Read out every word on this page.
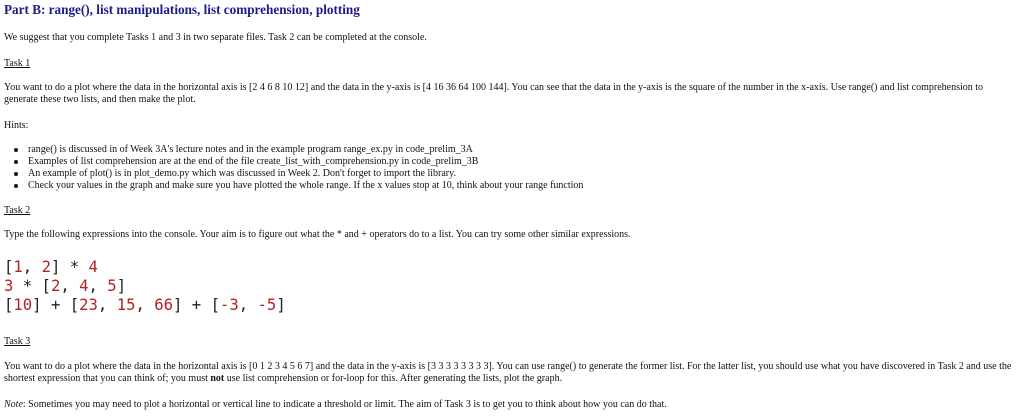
Part B: range(), list manipulations, list comprehension, plotting

We suggest that you complete Tasks 1 and 3 in two separate files. Task 2 can be completed at the console.

Task 1

You want to do a plot where the data in the horizontal axis is [2 4 6 8 10 12] and the data in the y-axis is [4 16 36 64 100 144]. You can see that the data in the y-axis is the square of the number in the x-axis. Use range() and list comprehension to generate these two lists, and then make the plot.

Hints:

range() is discussed in of Week 3A's lecture notes and in the example program range_ex.py in code_prelim_3A
Examples of list comprehension are at the end of the file create_list_with_comprehension.py in code_prelim_3B
An example of plot() is in plot_demo.py which was discussed in Week 2. Don't forget to import the library.
Check your values in the graph and make sure you have plotted the whole range. If the x values stop at 10, think about your range function

Task 2

Type the following expressions into the console. Your aim is to figure out what the * and + operators do to a list. You can try some other similar expressions.

[1, 2] * 4
3 * [2, 4, 5]
[10] + [23, 15, 66] + [-3, -5]

Task 3

You want to do a plot where the data in the horizontal axis is [0 1 2 3 4 5 6 7] and the data in the y-axis is [3 3 3 3 3 3 3 3]. You can use range() to generate the former list. For the latter list, you should use what you have discovered in Task 2 and use the shortest expression that you can think of; you must not use list comprehension or for-loop for this. After generating the lists, plot the graph.

Note: Sometimes you may need to plot a horizontal or vertical line to indicate a threshold or limit. The aim of Task 3 is to get you to think about how you can do that.
